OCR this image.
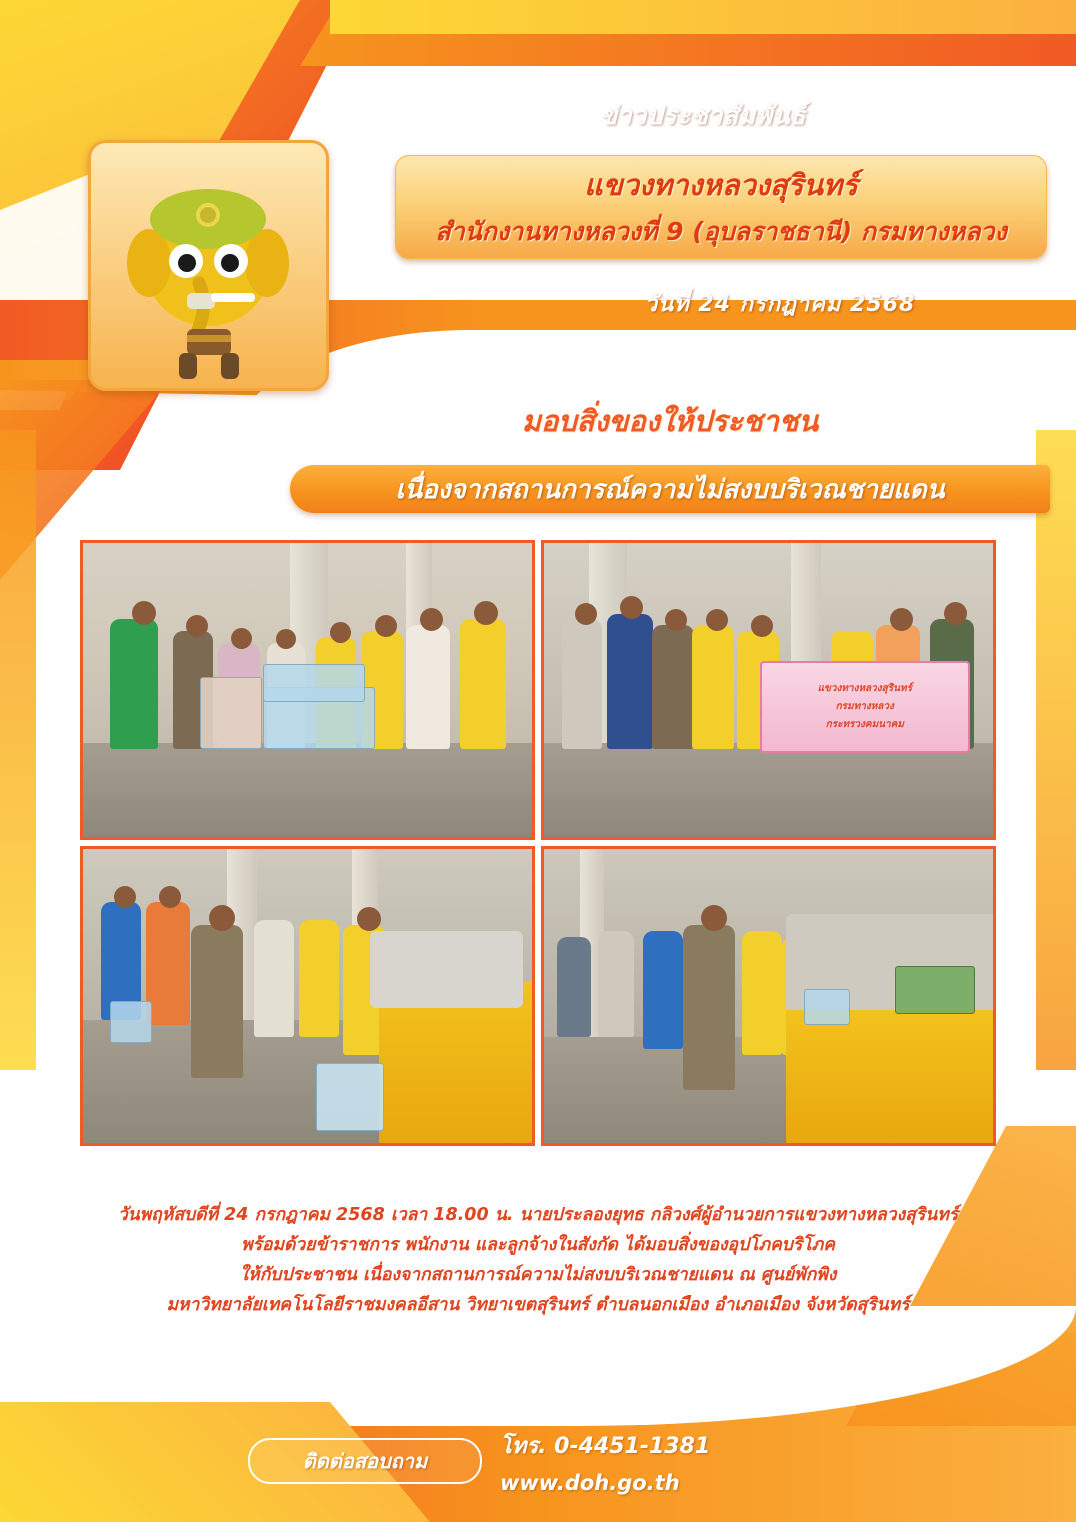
ข่าวประชาสัมพันธ์
แขวงทางหลวงสุรินทร์
สำนักงานทางหลวงที่ 9 (อุบลราชธานี) กรมทางหลวง
วันที่ 24 กรกฎาคม 2568
มอบสิ่งของให้ประชาชน
เนื่องจากสถานการณ์ความไม่สงบบริเวณชายแดน
แขวงทางหลวงสุรินทร์
กรมทางหลวง
กระทรวงคมนาคม

วันพฤหัสบดีที่ 24 กรกฎาคม 2568 เวลา 18.00 น. นายประลองยุทธ กลิวงศ์ผู้อำนวยการแขวงทางหลวงสุรินทร์

พร้อมด้วยข้าราชการ พนักงาน และลูกจ้างในสังกัด ได้มอบสิ่งของอุปโภคบริโภค

ให้กับประชาชน เนื่องจากสถานการณ์ความไม่สงบบริเวณชายแดน ณ ศูนย์พักพิง

มหาวิทยาลัยเทคโนโลยีราชมงคลอีสาน วิทยาเขตสุรินทร์ ตำบลนอกเมือง อำเภอเมือง จังหวัดสุรินทร์

ติดต่อสอบถาม
โทร. 0-4451-1381
www.doh.go.th
